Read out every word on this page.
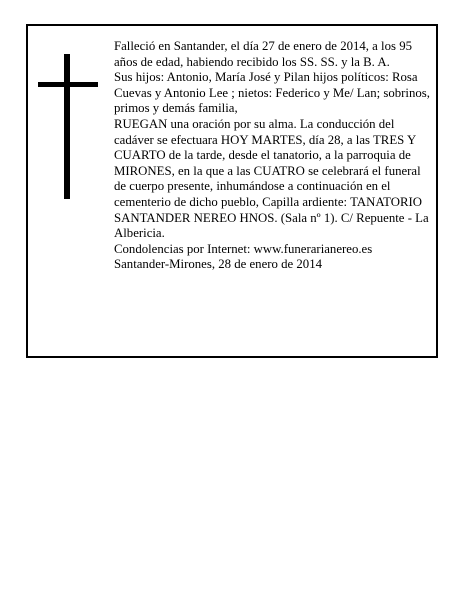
Falleció en Santander, el día 27 de enero de 2014, a los 95 años de edad, habiendo recibido los SS. SS. y la B. A.

Sus hijos: Antonio, María José y Pilan hijos políticos: Rosa Cuevas y Antonio Lee ; nietos: Federico y Me/ Lan; sobrinos, primos y demás familia,

RUEGAN una oración por su alma. La conducción del cadáver se efectuara HOY MARTES, día 28, a las TRES Y CUARTO de la tarde, desde el tanatorio, a la parroquia de MIRONES, en la que a las CUATRO se celebrará el funeral de cuerpo presente, inhumándose a continuación en el cementerio de dicho pueblo, Capilla ardiente: TANATORIO SANTANDER NEREO HNOS. (Sala nº 1). C/ Repuente - La Albericia.

Condolencias por Internet: www.funerarianereo.es

Santander-Mirones, 28 de enero de 2014
